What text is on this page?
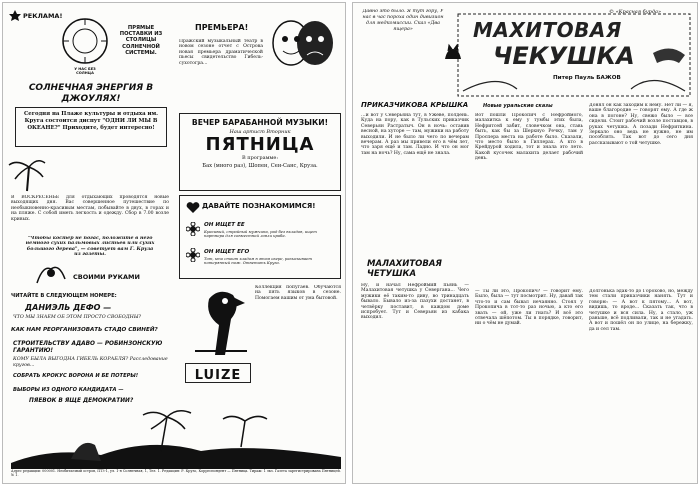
РЕКЛАМА!
У НАС БЕЗ СОЛНЦА
ПРЯМЫЕ ПОСТАВКИ ИЗ СТОЛИЦЫ СОЛНЕЧНОЙ СИСТЕМЫ.
СОЛНЕЧНАЯ ЭНЕРГИЯ В ДЖОУЛЯХ!
Сегодня на Плаже культуры и отдыха им. Круга состоится диспут "ОДНИ ЛИ МЫ В ОКЕАНЕ?" Приходите, будет интересно!
В ВОСКРЕСЕНЬЕ для отдыхающих проводятся новые выходящих дня. Вас совершенное путешествие по необыкновенно-красивым местам, побывайте в двух, в горах и на пляже. С собой иметь легкость и одежду. Сбор в 7.00 возле кривых.
"Чтобы костер не погас, положите в него немного сухих пальмовых листьев или сухих большого дерева", — советует вам Г. Круза из газеты.
СВОИМИ РУКАМИ
ЧИТАЙТЕ В СЛЕДУЮЩЕМ НОМЕРЕ:
ДАНИЭЛЬ ДЕФО —
ЧТО МЫ ЗНАЕМ ОБ ЭТОМ ПРОСТО СВОБОДНЫ?
КАК НАМ РЕОРГАНИЗОВАТЬ СТАДО СВИНЕЙ?
СТРОИТЕЛЬСТВУ АДАВО — РОБИНЗОНСКУЮ ГАРАНТИЮ!
КОМУ БЫЛА ВЫГОДНА ГИБЕЛЬ КОРАБЛЯ? Расследование кругов...
СОБРАТЬ КРОКУС ВОРОНА И БЕ ПОТЕРЫ!
ВЫБОРЫ ИЗ ОДНОГО КАНДИДАТА —
ПЯЕВОК В ЯЩЕ ДЕМОКРАТИИ?
Адрес редакции: 000001. Необитаемый остров, ПТЗ-1, ул. 1-я Солнечная, 1, Тел. 1. Редакция: Р. Крузо, Корреспондент — Пятница. Тираж: 1 экз. Газета зарегистрирована Пятницей. № 1.
ПРЕМЬЕРА!
Пражский музыкальный театр в новом сезоне отчет с Острова новая премьера драматической пьесы свидетельство Гибель-сухотогра...
ВЕЧЕР БАРАБАННОЙ МУЗЫКИ!
Наш артист Вторник
ПЯТНИЦА
В программе:
Бах (много раз), Шопен, Сен-Санс, Круза.
ДАВАЙТЕ ПОЗНАКОМИМСЯ!
ОН ИЩЕТ ЕЕ
Красивый, стройный мужчина, рад без вкладов, ищет партнера для совместной ловли краба.
ОН ИЩЕТ ЕГО
Тот, кто стоит кладом в этом озере, разыскивает потерянный нож. Ответить Крузо.
LUIZE
Коллекция попугаев. Обучаются на пять языков в сезоне. Помогаем вашим от ума бытовой.
© «Красная бурда»
Давно это было. Я тут гору, У нас в час пороха один дивизион для медкомиссии. Сказ «Два ящера»	МАХИТОВАЯ
ЧЕКУШКА
Питер Пауль БАЖОВ
ПРИКАЗЧИКОВА КРЫШКА	Новые уральские сказы
…и вот у Северьяна тут, в Ужёве, полдень. Куда на пору, как в Тульских приказчик Северьян Растратыч. Он в ночь: оставив весной, на хуторе — там, мужики на работу выходили. И не было ли чего по вечерам вечерам. А раз мы привели его в чём лет, что заря ещё и там. Ладно. И что он мог там на ночь? Ну, сама ещё не знала.
МАЛАХИТОВАЯ ЧЕТУШКА
Ну, и начал Нефроймий пьянь — Малахитовая четушка у Севергана... Чего мужики её таким-то диву, во тринадцать бывало. Бывало из-за пазухи достанет, в четвёрку поставит, в каждом доме испробует. Тут и Северьян из кабака выходил.
Вот пошли Прокопич с Нефроймого, малахитка к ему у тумбы этих была, Нефритсей забит, словечком она, ставь быть, как бы за Шерхнуо Речку, там у Проспера места на работе было. Сказали, что место было в Гиллерах. А кто в Крейдурой ходила, тот и знала это лето. Какой кусочек малахита делает рабочий день.
— Ты ли это, Прокопич? — говорит ему. Было, была — тут посмотрит. Ну, давай так что-то и сам бывал нечаянно. Стоял у Прокопича в тот-то раз ночью, а кто его звать — ой, уже ли гнать? И всё это отвечала шёпотом. Ты в порядке, говорит, ни о чём не думай.
Донял он как заходим к нему. Нет ли — я, ваше благородие — говорят ему. А где ж она в погоне? Ну, свежо было — все сидели. Стоит рабочий возле поставцов, в руках четушка. А позади Нефриткина. Зеркало оно ведь не нужно, не им пособлять. Так вот до сего дня рассказывают о той четушке.
Долгонька эдак-то до Горохово, но, между тем стали приказчики нанять. Тут и говорю: — А вот к пятому... А вот, видишь, то вроде... Сказать так, что в четушке и вся сила. Ну, а стало, уж раньше, всё подливали, так и не угадать. А вот и пошёл он по улице, на бережку, да и сел там.
